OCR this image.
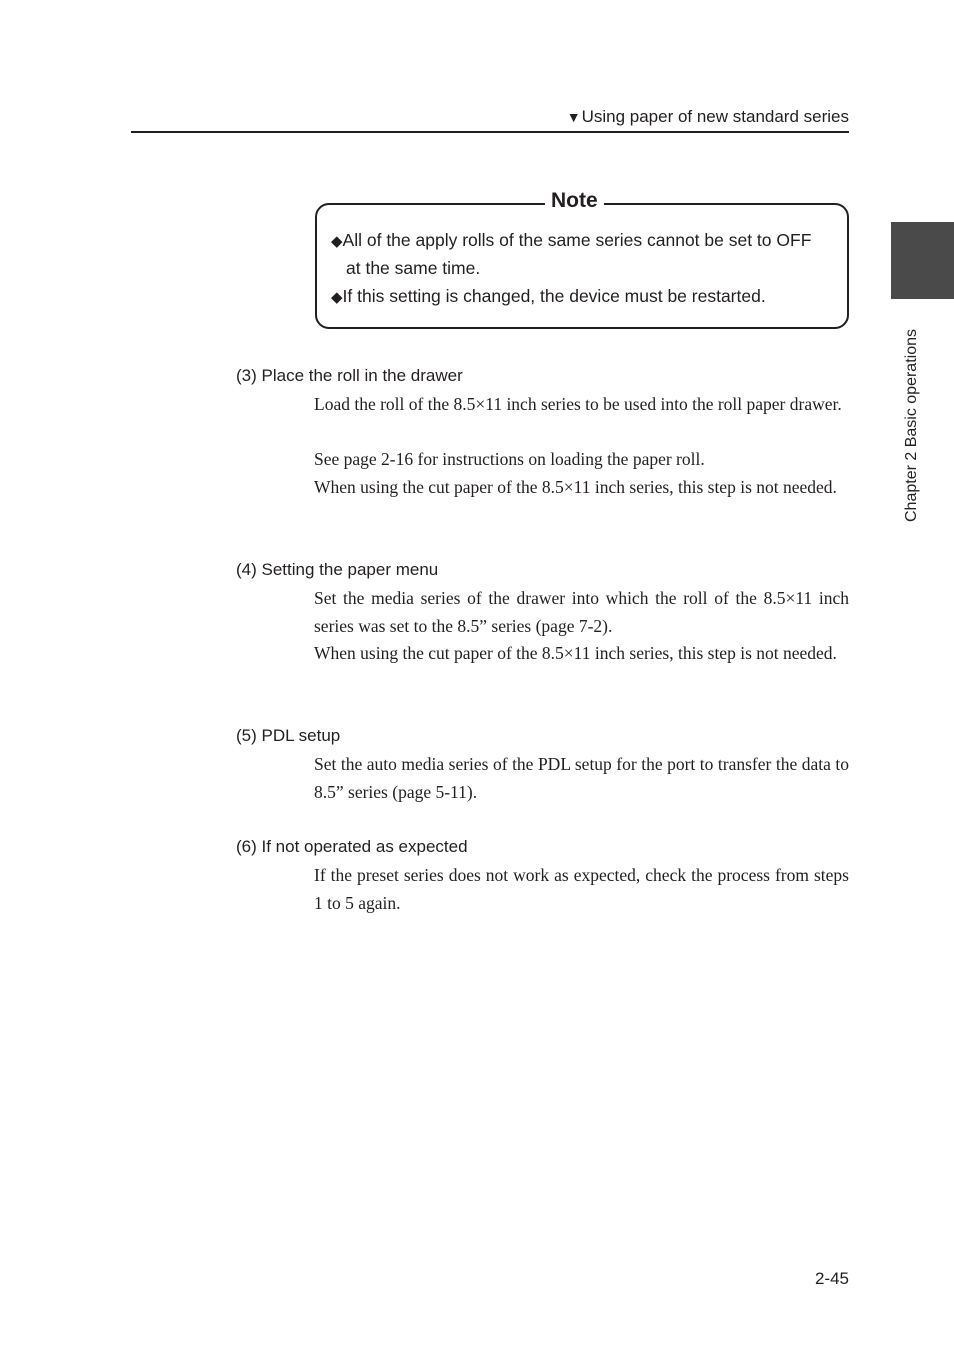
▼Using paper of new standard series
Chapter 2 Basic operations
Note
◆All of the apply rolls of the same series cannot be set to OFF
at the same time.
◆If this setting is changed, the device must be restarted.
(3) Place the roll in the drawer
Load the roll of the 8.5×11 inch series to be used into the roll paper drawer.
See page 2-16 for instructions on loading the paper roll.
When using the cut paper of the 8.5×11 inch series, this step is not needed.
(4) Setting the paper menu
Set the media series of the drawer into which the roll of the 8.5×11 inch series was set to the 8.5” series (page 7-2).
When using the cut paper of the 8.5×11 inch series, this step is not needed.
(5) PDL setup
Set the auto media series of the PDL setup for the port to transfer the data to 8.5” series (page 5-11).
(6) If not operated as expected
If the preset series does not work as expected, check the process from steps 1 to 5 again.
2-45
